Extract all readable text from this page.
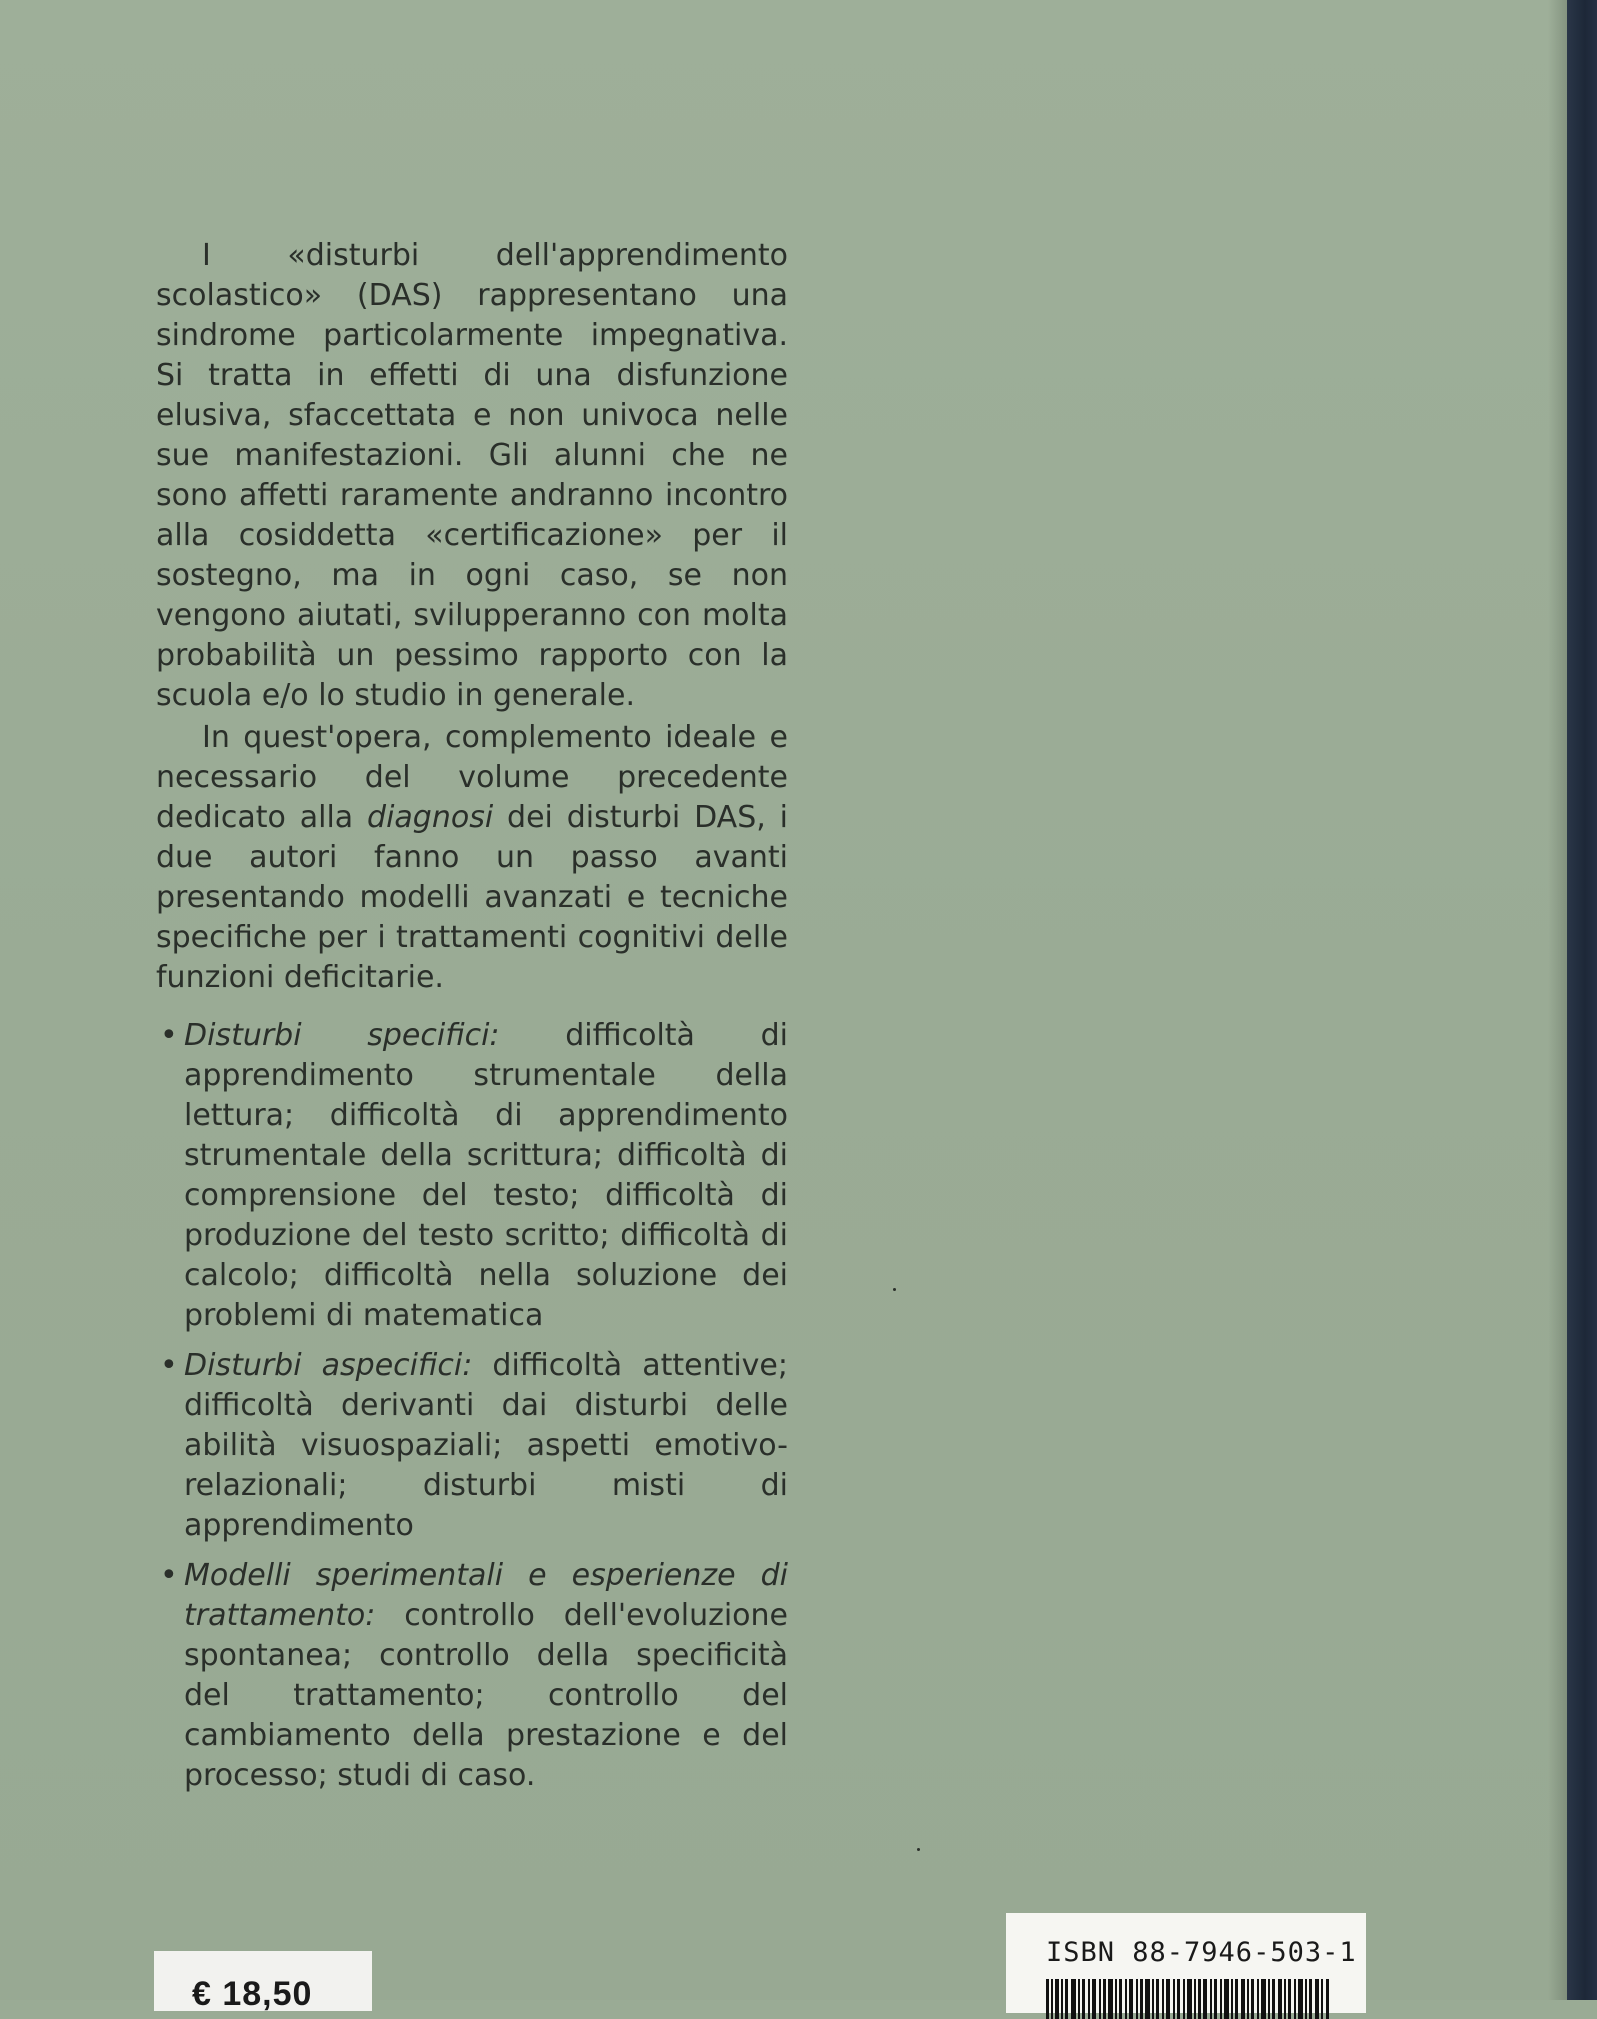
I «disturbi dell'apprendimento scolastico» (DAS) rappresentano una sindrome particolarmente impegnativa. Si tratta in effetti di una disfunzione elusiva, sfaccettata e non univoca nelle sue manifestazioni. Gli alunni che ne sono affetti raramente andranno incontro alla cosiddetta «certificazione» per il sostegno, ma in ogni caso, se non vengono aiutati, svilupperanno con molta probabilità un pessimo rapporto con la scuola e/o lo studio in generale.

In quest'opera, complemento ideale e necessario del volume precedente dedicato alla diagnosi dei disturbi DAS, i due autori fanno un passo avanti presentando modelli avanzati e tecniche specifiche per i trattamenti cognitivi delle funzioni deficitarie.

• Disturbi specifici: difficoltà di apprendimento strumentale della lettura; difficoltà di apprendimento strumentale della scrittura; difficoltà di comprensione del testo; difficoltà di produzione del testo scritto; difficoltà di calcolo; difficoltà nella soluzione dei problemi di matematica
• Disturbi aspecifici: difficoltà attentive; difficoltà derivanti dai disturbi delle abilità visuospaziali; aspetti emotivo-relazionali; disturbi misti di apprendimento
• Modelli sperimentali e esperienze di trattamento: controllo dell'evoluzione spontanea; controllo della specificità del trattamento; controllo del cambiamento della prestazione e del processo; studi di caso.
€ 18,50
ISBN 88-7946-503-1
